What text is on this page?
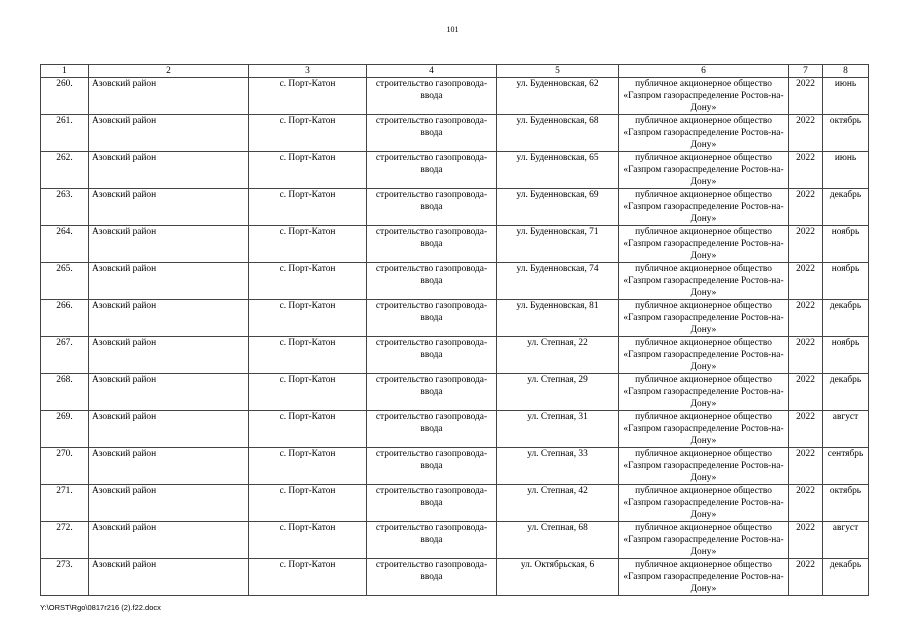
101
1	2	3	4	5	6	7	8
260.	Азовский район	с. Порт-Катон	строительство газопровода-ввода	ул. Буденновская, 62	публичное акционерное общество «Газпром газораспределение Ростов-на-Дону»	2022	июнь
261.	Азовский район	с. Порт-Катон	строительство газопровода-ввода	ул. Буденновская, 68	публичное акционерное общество «Газпром газораспределение Ростов-на-Дону»	2022	октябрь
262.	Азовский район	с. Порт-Катон	строительство газопровода-ввода	ул. Буденновская, 65	публичное акционерное общество «Газпром газораспределение Ростов-на-Дону»	2022	июнь
263.	Азовский район	с. Порт-Катон	строительство газопровода-ввода	ул. Буденновская, 69	публичное акционерное общество «Газпром газораспределение Ростов-на-Дону»	2022	декабрь
264.	Азовский район	с. Порт-Катон	строительство газопровода-ввода	ул. Буденновская, 71	публичное акционерное общество «Газпром газораспределение Ростов-на-Дону»	2022	ноябрь
265.	Азовский район	с. Порт-Катон	строительство газопровода-ввода	ул. Буденновская, 74	публичное акционерное общество «Газпром газораспределение Ростов-на-Дону»	2022	ноябрь
266.	Азовский район	с. Порт-Катон	строительство газопровода-ввода	ул. Буденновская, 81	публичное акционерное общество «Газпром газораспределение Ростов-на-Дону»	2022	декабрь
267.	Азовский район	с. Порт-Катон	строительство газопровода-ввода	ул. Степная, 22	публичное акционерное общество «Газпром газораспределение Ростов-на-Дону»	2022	ноябрь
268.	Азовский район	с. Порт-Катон	строительство газопровода-ввода	ул. Степная, 29	публичное акционерное общество «Газпром газораспределение Ростов-на-Дону»	2022	декабрь
269.	Азовский район	с. Порт-Катон	строительство газопровода-ввода	ул. Степная, 31	публичное акционерное общество «Газпром газораспределение Ростов-на-Дону»	2022	август
270.	Азовский район	с. Порт-Катон	строительство газопровода-ввода	ул. Степная, 33	публичное акционерное общество «Газпром газораспределение Ростов-на-Дону»	2022	сентябрь
271.	Азовский район	с. Порт-Катон	строительство газопровода-ввода	ул. Степная, 42	публичное акционерное общество «Газпром газораспределение Ростов-на-Дону»	2022	октябрь
272.	Азовский район	с. Порт-Катон	строительство газопровода-ввода	ул. Степная, 68	публичное акционерное общество «Газпром газораспределение Ростов-на-Дону»	2022	август
273.	Азовский район	с. Порт-Катон	строительство газопровода-ввода	ул. Октябрьская, 6	публичное акционерное общество «Газпром газораспределение Ростов-на-Дону»	2022	декабрь
Y:\ORST\Rgo\0817r216 (2).f22.docx
